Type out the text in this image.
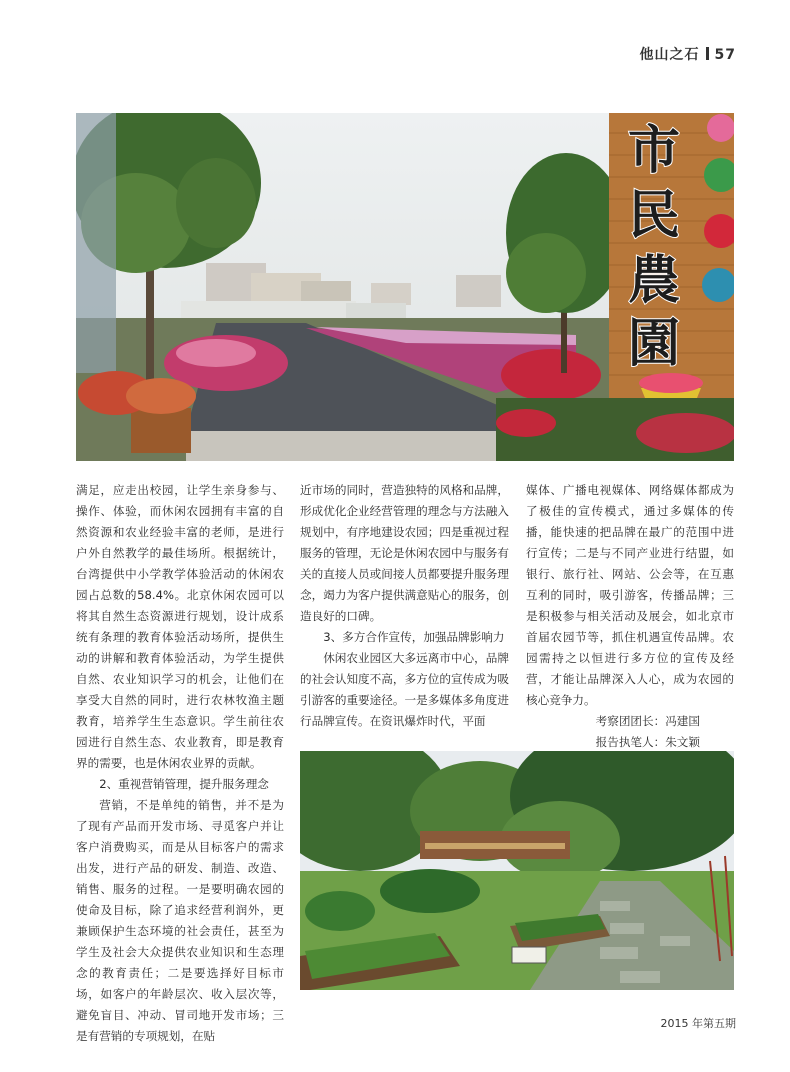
他山之石 57
市
民
農
園

满足，应走出校园，让学生亲身参与、操作、体验，而休闲农园拥有丰富的自然资源和农业经验丰富的老师，是进行户外自然教学的最佳场所。根据统计，台湾提供中小学教学体验活动的休闲农园占总数的58.4%。北京休闲农园可以将其自然生态资源进行规划，设计成系统有条理的教育体验活动场所，提供生动的讲解和教育体验活动，为学生提供自然、农业知识学习的机会，让他们在享受大自然的同时，进行农林牧渔主题教育，培养学生生态意识。学生前往农园进行自然生态、农业教育，即是教育界的需要，也是休闲农业界的贡献。

2、重视营销管理，提升服务理念

营销，不是单纯的销售，并不是为了现有产品而开发市场、寻觅客户并让客户消费购买，而是从目标客户的需求出发，进行产品的研发、制造、改造、销售、服务的过程。一是要明确农园的使命及目标，除了追求经营利润外，更兼顾保护生态环境的社会责任，甚至为学生及社会大众提供农业知识和生态理念的教育责任；二是要选择好目标市场，如客户的年龄层次、收入层次等，避免盲目、冲动、冒司地开发市场；三是有营销的专项规划，在贴

近市场的同时，营造独特的风格和品牌，形成优化企业经营管理的理念与方法融入规划中，有序地建设农园；四是重视过程服务的管理，无论是休闲农园中与服务有关的直接人员或间接人员都要提升服务理念，竭力为客户提供满意贴心的服务，创造良好的口碑。

3、多方合作宣传，加强品牌影响力

休闲农业园区大多远离市中心，品牌的社会认知度不高，多方位的宣传成为吸引游客的重要途径。一是多媒体多角度进行品牌宣传。在资讯爆炸时代，平面

媒体、广播电视媒体、网络媒体都成为了极佳的宣传模式，通过多媒体的传播，能快速的把品牌在最广的范围中进行宣传；二是与不同产业进行结盟，如银行、旅行社、网站、公会等，在互惠互利的同时，吸引游客，传播品牌；三是积极参与相关活动及展会，如北京市首届农园节等，抓住机遇宣传品牌。农园需持之以恒进行多方位的宣传及经营，才能让品牌深入人心，成为农园的核心竞争力。

考察团团长：冯建国

报告执笔人：朱文颖

2015 年第五期
